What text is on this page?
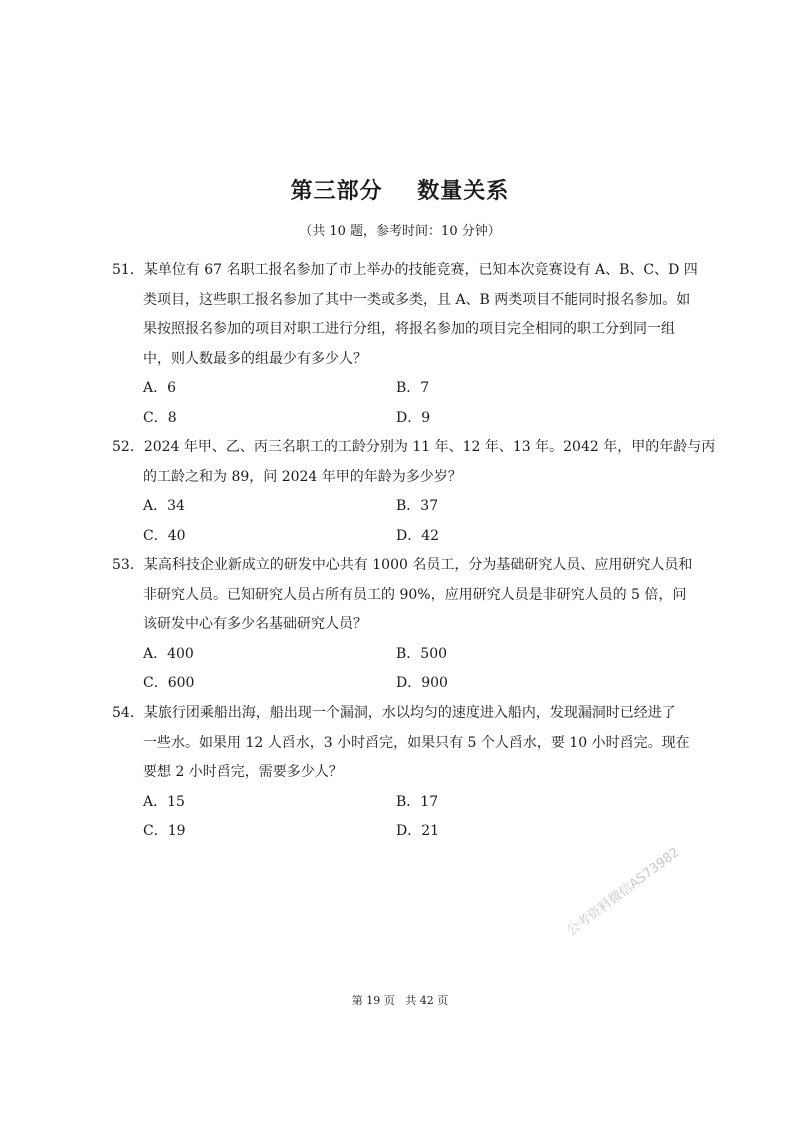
第三部分    数量关系
（共 10 题，参考时间：10 分钟）
51．某单位有 67 名职工报名参加了市上举办的技能竞赛，已知本次竞赛设有 A、B、C、D 四
类项目，这些职工报名参加了其中一类或多类，且 A、B 两类项目不能同时报名参加。如
果按照报名参加的项目对职工进行分组，将报名参加的项目完全相同的职工分到同一组
中，则人数最多的组最少有多少人？
A．6	B．7
C．8	D．9
52．2024 年甲、乙、丙三名职工的工龄分别为 11 年、12 年、13 年。2042 年，甲的年龄与丙
的工龄之和为 89，问 2024 年甲的年龄为多少岁？
A．34	B．37
C．40	D．42
53．某高科技企业新成立的研发中心共有 1000 名员工，分为基础研究人员、应用研究人员和
非研究人员。已知研究人员占所有员工的 90%，应用研究人员是非研究人员的 5 倍，问
该研发中心有多少名基础研究人员？
A．400	B．500
C．600	D．900
54．某旅行团乘船出海，船出现一个漏洞，水以均匀的速度进入船内，发现漏洞时已经进了
一些水。如果用 12 人舀水，3 小时舀完，如果只有 5 个人舀水，要 10 小时舀完。现在
要想 2 小时舀完，需要多少人？
A．15	B．17
C．19	D．21
公考资料微信AS73982
第 19 页   共 42 页
